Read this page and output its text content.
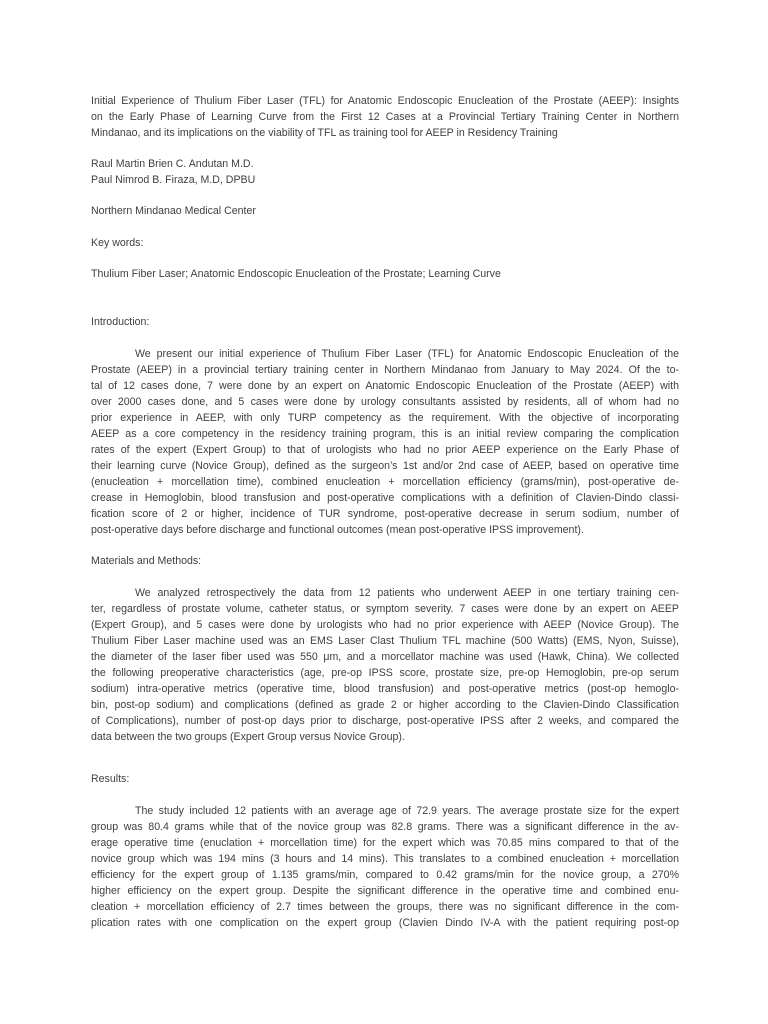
Initial Experience of Thulium Fiber Laser (TFL) for Anatomic Endoscopic Enucleation of the Prostate (AEEP): Insights
on the Early Phase of Learning Curve from the First 12 Cases at a Provincial Tertiary Training Center in Northern
Mindanao, and its implications on the viability of TFL as training tool for AEEP in Residency Training
Raul Martin Brien C. Andutan M.D.
Paul Nimrod B. Firaza, M.D, DPBU
Northern Mindanao Medical Center
Key words:
Thulium Fiber Laser; Anatomic Endoscopic Enucleation of the Prostate; Learning Curve
Introduction:
We present our initial experience of Thulium Fiber Laser (TFL) for Anatomic Endoscopic Enucleation of the
Prostate (AEEP) in a provincial tertiary training center in Northern Mindanao from January to May 2024. Of the to-
tal of 12 cases done, 7 were done by an expert on Anatomic Endoscopic Enucleation of the Prostate (AEEP) with
over 2000 cases done, and 5 cases were done by urology consultants assisted by residents, all of whom had no
prior experience in AEEP, with only TURP competency as the requirement. With the objective of incorporating
AEEP as a core competency in the residency training program, this is an initial review comparing the complication
rates of the expert (Expert Group) to that of urologists who had no prior AEEP experience on the Early Phase of
their learning curve (Novice Group), defined as the surgeon’s 1st and/or 2nd case of AEEP, based on operative time
(enucleation + morcellation time), combined enucleation + morcellation efficiency (grams/min), post-operative de-
crease in Hemoglobin, blood transfusion and post-operative complications with a definition of Clavien-Dindo classi-
fication score of 2 or higher, incidence of TUR syndrome, post-operative decrease in serum sodium, number of
post-operative days before discharge and functional outcomes (mean post-operative IPSS improvement).
Materials and Methods:
We analyzed retrospectively the data from 12 patients who underwent AEEP in one tertiary training cen-
ter, regardless of prostate volume, catheter status, or symptom severity. 7 cases were done by an expert on AEEP
(Expert Group), and 5 cases were done by urologists who had no prior experience with AEEP (Novice Group). The
Thulium Fiber Laser machine used was an EMS Laser Clast Thulium TFL machine (500 Watts) (EMS, Nyon, Suisse),
the diameter of the laser fiber used was 550 μm, and a morcellator machine was used (Hawk, China). We collected
the following preoperative characteristics (age, pre-op IPSS score, prostate size, pre-op Hemoglobin, pre-op serum
sodium) intra-operative metrics (operative time, blood transfusion) and post-operative metrics (post-op hemoglo-
bin, post-op sodium) and complications (defined as grade 2 or higher according to the Clavien-Dindo Classification
of Complications), number of post-op days prior to discharge, post-operative IPSS after 2 weeks, and compared the
data between the two groups (Expert Group versus Novice Group).
Results:
The study included 12 patients with an average age of 72.9 years. The average prostate size for the expert
group was 80.4 grams while that of the novice group was 82.8 grams. There was a significant difference in the av-
erage operative time (enuclation + morcellation time) for the expert which was 70.85 mins compared to that of the
novice group which was 194 mins (3 hours and 14 mins). This translates to a combined enucleation + morcellation
efficiency for the expert group of 1.135 grams/min, compared to 0.42 grams/min for the novice group, a 270%
higher efficiency on the expert group. Despite the significant difference in the operative time and combined enu-
cleation + morcellation efficiency of 2.7 times between the groups, there was no significant difference in the com-
plication rates with one complication on the expert group (Clavien Dindo IV-A with the patient requiring post-op
